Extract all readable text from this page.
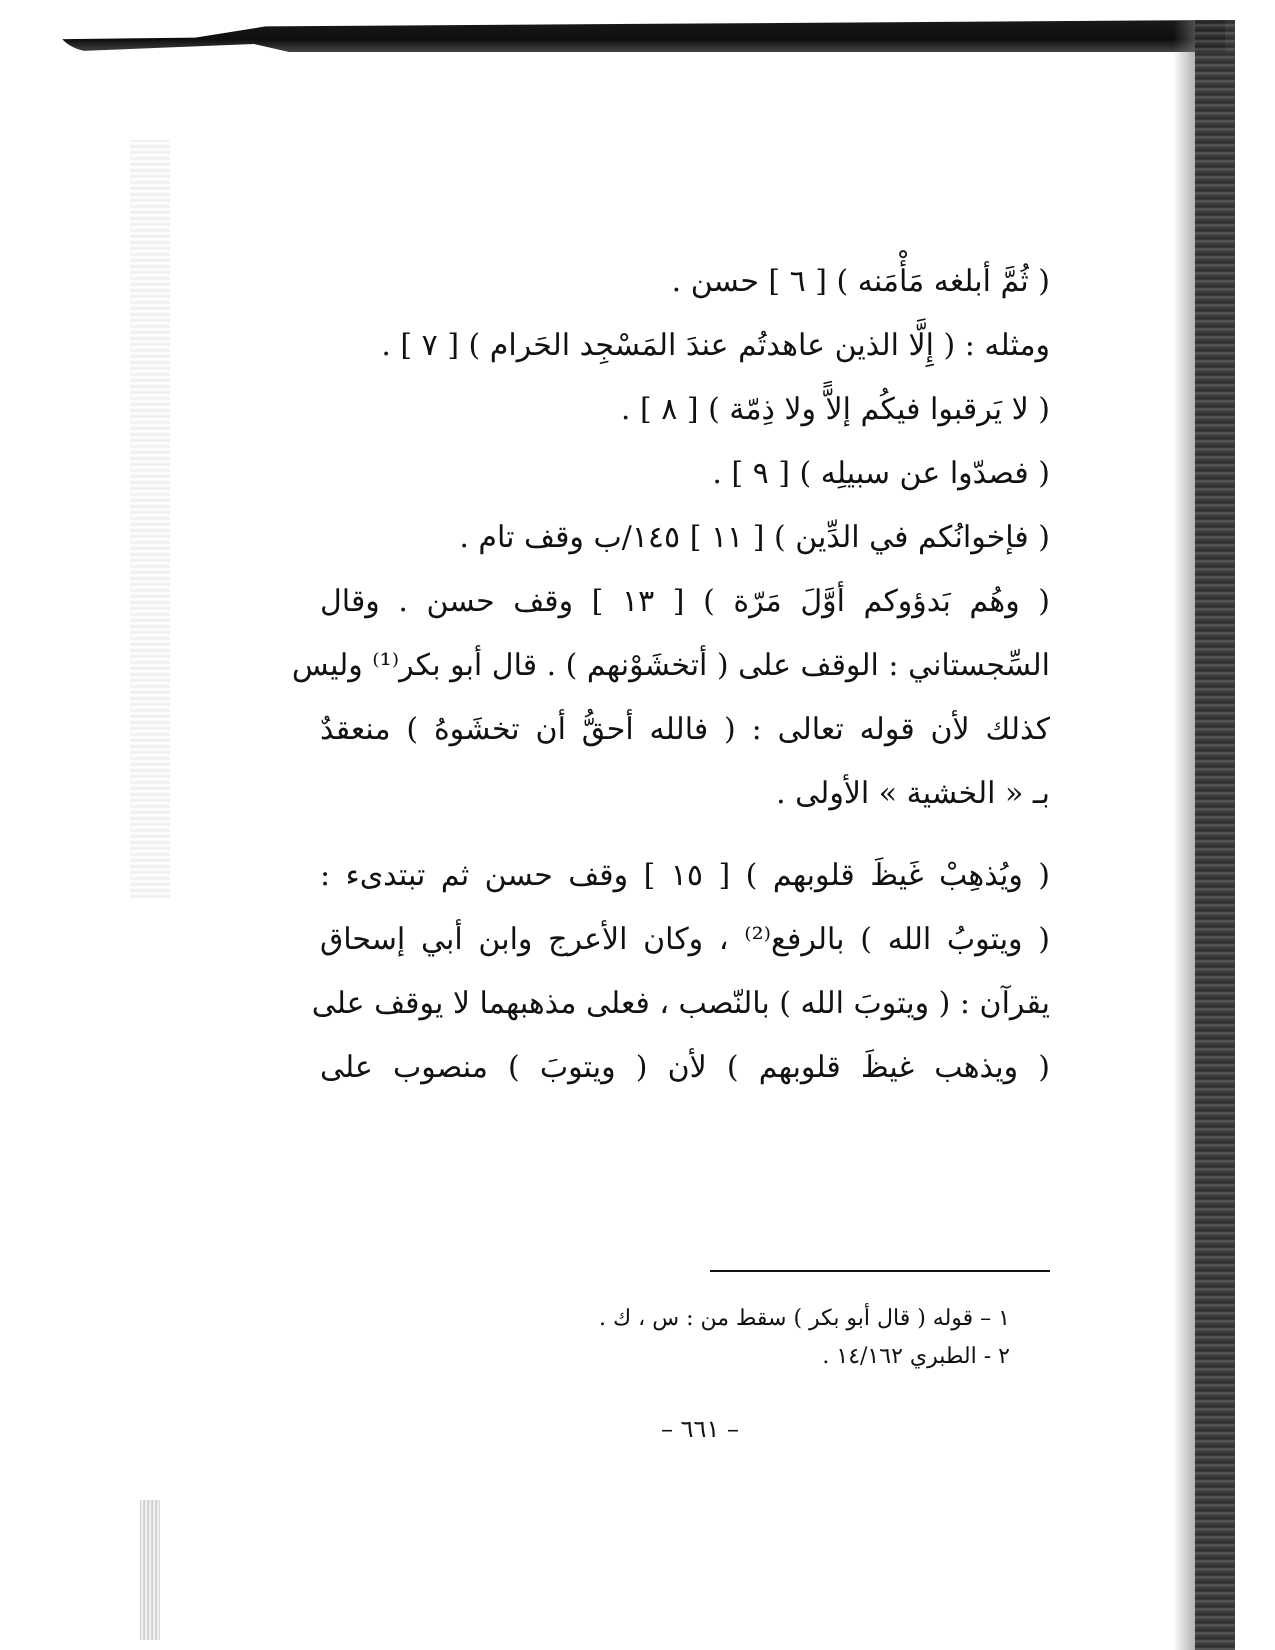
( ثُمَّ أبلغه مَأْمَنه ) [ ٦ ] حسن .
ومثله : ( إِلَّا الذين عاهدتُم عندَ المَسْجِد الحَرام ) [ ٧ ] .
( لا يَرقبوا فيكُم إلاًّ ولا ذِمّة ) [ ٨ ] .
( فصدّوا عن سبيلِه ) [ ٩ ] .
( فإخوانُكم في الدِّين ) [ ١١ ] ١٤٥/ب وقف تام .
( وهُم بَدؤوكم أوَّلَ مَرّة ) [ ١٣ ] وقف حسن . وقال
السِّجستاني : الوقف على ( أتخشَوْنهم ) . قال أبو بكر⁽¹⁾ وليس
كذلك لأن قوله تعالى : ( فالله أحقُّ أن تخشَوهُ ) منعقدٌ
بـ « الخشية » الأولى .
( ويُذهِبْ غَيظَ قلوبهم ) [ ١٥ ] وقف حسن ثم تبتدىء :
( ويتوبُ الله ) بالرفع⁽²⁾ ، وكان الأعرج وابن أبي إسحاق
يقرآن : ( ويتوبَ الله ) بالنّصب ، فعلى مذهبهما لا يوقف على
( ويذهب غيظَ قلوبهم ) لأن ( ويتوبَ ) منصوب على
١ – قوله ( قال أبو بكر ) سقط من : س ، ك .
٢ - الطبري ١٤/١٦٢ .
– ٦٦١ –
